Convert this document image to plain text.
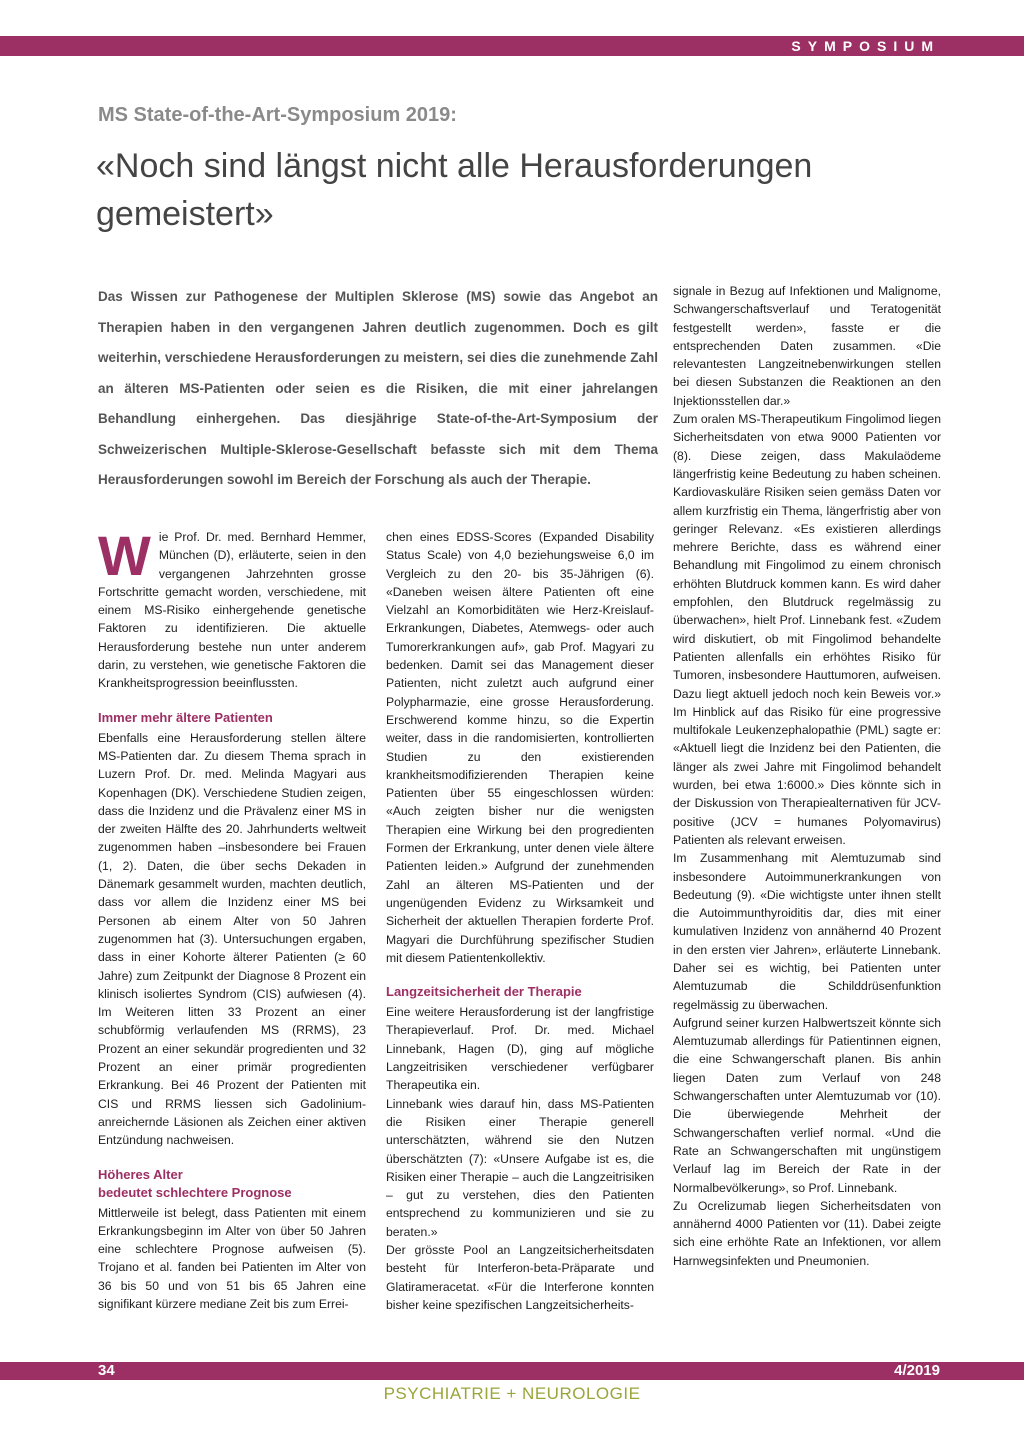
SYMPOSIUM
MS State-of-the-Art-Symposium 2019:
«Noch sind längst nicht alle Herausforderungen gemeistert»

Das Wissen zur Pathogenese der Multiplen Sklerose (MS) sowie das Angebot an Therapien haben in den vergangenen Jahren deutlich zugenommen. Doch es gilt weiterhin, verschiedene Herausforderungen zu meistern, sei dies die zunehmende Zahl an älteren MS-Patienten oder seien es die Risiken, die mit einer jahrelangen Behandlung einhergehen. Das diesjährige State-of-the-Art-Symposium der Schweizerischen Multiple-Sklerose-Gesellschaft befasste sich mit dem Thema Herausforderungen sowohl im Bereich der Forschung als auch der Therapie.

Wie Prof. Dr. med. Bernhard Hemmer, München (D), erläuterte, seien in den vergangenen Jahrzehnten grosse Fortschritte gemacht worden, verschiedene, mit einem MS-Risiko einhergehende genetische Faktoren zu identifizieren. Die aktuelle Herausforderung bestehe nun unter anderem darin, zu verstehen, wie genetische Faktoren die Krankheitsprogression beeinflussten.

Immer mehr ältere Patienten

Ebenfalls eine Herausforderung stellen ältere MS-Patienten dar. Zu diesem Thema sprach in Luzern Prof. Dr. med. Melinda Magyari aus Kopenhagen (DK). Verschiedene Studien zeigen, dass die Inzidenz und die Prävalenz einer MS in der zweiten Hälfte des 20. Jahrhunderts weltweit zugenommen haben –insbesondere bei Frauen (1, 2). Daten, die über sechs Dekaden in Dänemark gesammelt wurden, machten deutlich, dass vor allem die Inzidenz einer MS bei Personen ab einem Alter von 50 Jahren zugenommen hat (3). Untersuchungen ergaben, dass in einer Kohorte älterer Patienten (≥ 60 Jahre) zum Zeitpunkt der Diagnose 8 Prozent ein klinisch isoliertes Syndrom (CIS) aufwiesen (4). Im Weiteren litten 33 Prozent an einer schubförmig verlaufenden MS (RRMS), 23 Prozent an einer sekundär progredienten und 32 Prozent an einer primär progredienten Erkrankung. Bei 46 Prozent der Patienten mit CIS und RRMS liessen sich Gadolinium-anreichernde Läsionen als Zeichen einer aktiven Entzündung nachweisen.

Höheres Alter
bedeutet schlechtere Prognose

Mittlerweile ist belegt, dass Patienten mit einem Erkrankungsbeginn im Alter von über 50 Jahren eine schlechtere Prognose aufweisen (5). Trojano et al. fanden bei Patienten im Alter von 36 bis 50 und von 51 bis 65 Jahren eine signifikant kürzere mediane Zeit bis zum Errei-

chen eines EDSS-Scores (Expanded Disability Status Scale) von 4,0 beziehungsweise 6,0 im Vergleich zu den 20- bis 35-Jährigen (6). «Daneben weisen ältere Patienten oft eine Vielzahl an Komorbiditäten wie Herz-Kreislauf-Erkrankungen, Diabetes, Atemwegs- oder auch Tumorerkrankungen auf», gab Prof. Magyari zu bedenken. Damit sei das Management dieser Patienten, nicht zuletzt auch aufgrund einer Polypharmazie, eine grosse Herausforderung. Erschwerend komme hinzu, so die Expertin weiter, dass in die randomisierten, kontrollierten Studien zu den existierenden krankheitsmodifizierenden Therapien keine Patienten über 55 eingeschlossen würden: «Auch zeigten bisher nur die wenigsten Therapien eine Wirkung bei den progredienten Formen der Erkrankung, unter denen viele ältere Patienten leiden.» Aufgrund der zunehmenden Zahl an älteren MS-Patienten und der ungenügenden Evidenz zu Wirksamkeit und Sicherheit der aktuellen Therapien forderte Prof. Magyari die Durchführung spezifischer Studien mit diesem Patientenkollektiv.

Langzeitsicherheit der Therapie

Eine weitere Herausforderung ist der langfristige Therapieverlauf. Prof. Dr. med. Michael Linnebank, Hagen (D), ging auf mögliche Langzeitrisiken verschiedener verfügbarer Therapeutika ein.

Linnebank wies darauf hin, dass MS-Patienten die Risiken einer Therapie generell unterschätzten, während sie den Nutzen überschätzten (7): «Unsere Aufgabe ist es, die Risiken einer Therapie – auch die Langzeitrisiken – gut zu verstehen, dies den Patienten entsprechend zu kommunizieren und sie zu beraten.»

Der grösste Pool an Langzeitsicherheitsdaten besteht für Interferon-beta-Präparate und Glatirameracetat. «Für die Interferone konnten bisher keine spezifischen Langzeitsicherheits-

signale in Bezug auf Infektionen und Malignome, Schwangerschaftsverlauf und Teratogenität festgestellt werden», fasste er die entsprechenden Daten zusammen. «Die relevantesten Langzeitnebenwirkungen stellen bei diesen Substanzen die Reaktionen an den Injektionsstellen dar.»

Zum oralen MS-Therapeutikum Fingolimod liegen Sicherheitsdaten von etwa 9000 Patienten vor (8). Diese zeigen, dass Makulaödeme längerfristig keine Bedeutung zu haben scheinen. Kardiovaskuläre Risiken seien gemäss Daten vor allem kurzfristig ein Thema, längerfristig aber von geringer Relevanz. «Es existieren allerdings mehrere Berichte, dass es während einer Behandlung mit Fingolimod zu einem chronisch erhöhten Blutdruck kommen kann. Es wird daher empfohlen, den Blutdruck regelmässig zu überwachen», hielt Prof. Linnebank fest. «Zudem wird diskutiert, ob mit Fingolimod behandelte Patienten allenfalls ein erhöhtes Risiko für Tumoren, insbesondere Hauttumoren, aufweisen. Dazu liegt aktuell jedoch noch kein Beweis vor.» Im Hinblick auf das Risiko für eine progressive multifokale Leukenzephalopathie (PML) sagte er: «Aktuell liegt die Inzidenz bei den Patienten, die länger als zwei Jahre mit Fingolimod behandelt wurden, bei etwa 1:6000.» Dies könnte sich in der Diskussion von Therapiealternativen für JCV-positive (JCV = humanes Polyomavirus) Patienten als relevant erweisen.

Im Zusammenhang mit Alemtuzumab sind insbesondere Autoimmunerkrankungen von Bedeutung (9). «Die wichtigste unter ihnen stellt die Autoimmunthyroiditis dar, dies mit einer kumulativen Inzidenz von annähernd 40 Prozent in den ersten vier Jahren», erläuterte Linnebank. Daher sei es wichtig, bei Patienten unter Alemtuzumab die Schilddrüsenfunktion regelmässig zu überwachen.

Aufgrund seiner kurzen Halbwertszeit könnte sich Alemtuzumab allerdings für Patientinnen eignen, die eine Schwangerschaft planen. Bis anhin liegen Daten zum Verlauf von 248 Schwangerschaften unter Alemtuzumab vor (10). Die überwiegende Mehrheit der Schwangerschaften verlief normal. «Und die Rate an Schwangerschaften mit ungünstigem Verlauf lag im Bereich der Rate in der Normalbevölkerung», so Prof. Linnebank.

Zu Ocrelizumab liegen Sicherheitsdaten von annähernd 4000 Patienten vor (11). Dabei zeigte sich eine erhöhte Rate an Infektionen, vor allem Harnwegsinfekten und Pneumonien.

34	4/2019
PSYCHIATRIE + NEUROLOGIE
